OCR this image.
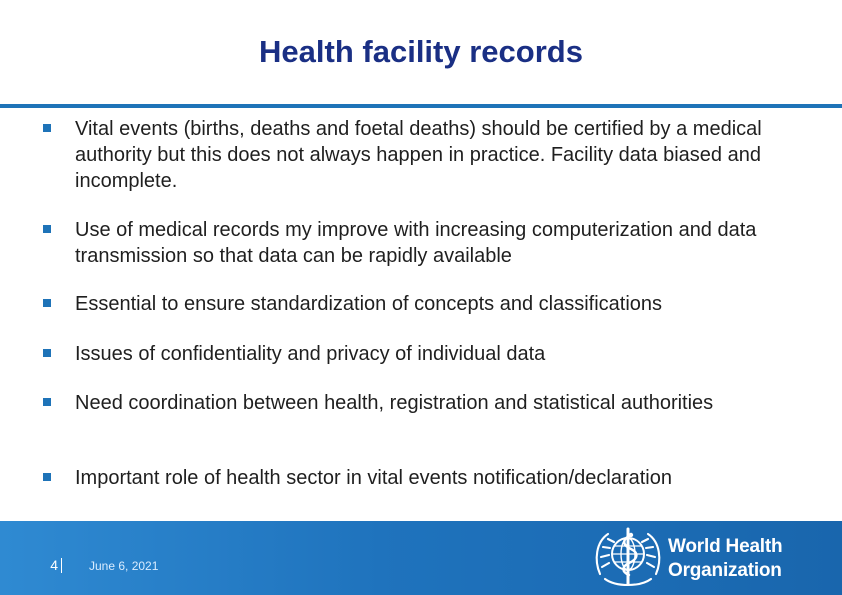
Health facility records
Vital events (births, deaths and foetal deaths) should be certified by a medical authority but this does not always happen in practice. Facility data biased and incomplete.
Use of medical records my improve with increasing computerization and data transmission so that data can be rapidly available
Essential to ensure standardization of concepts and classifications
Issues of confidentiality and privacy of individual data
Need coordination between health, registration and statistical authorities
Important role of health sector in vital events notification/declaration
4	June 6, 2021
World Health
Organization
